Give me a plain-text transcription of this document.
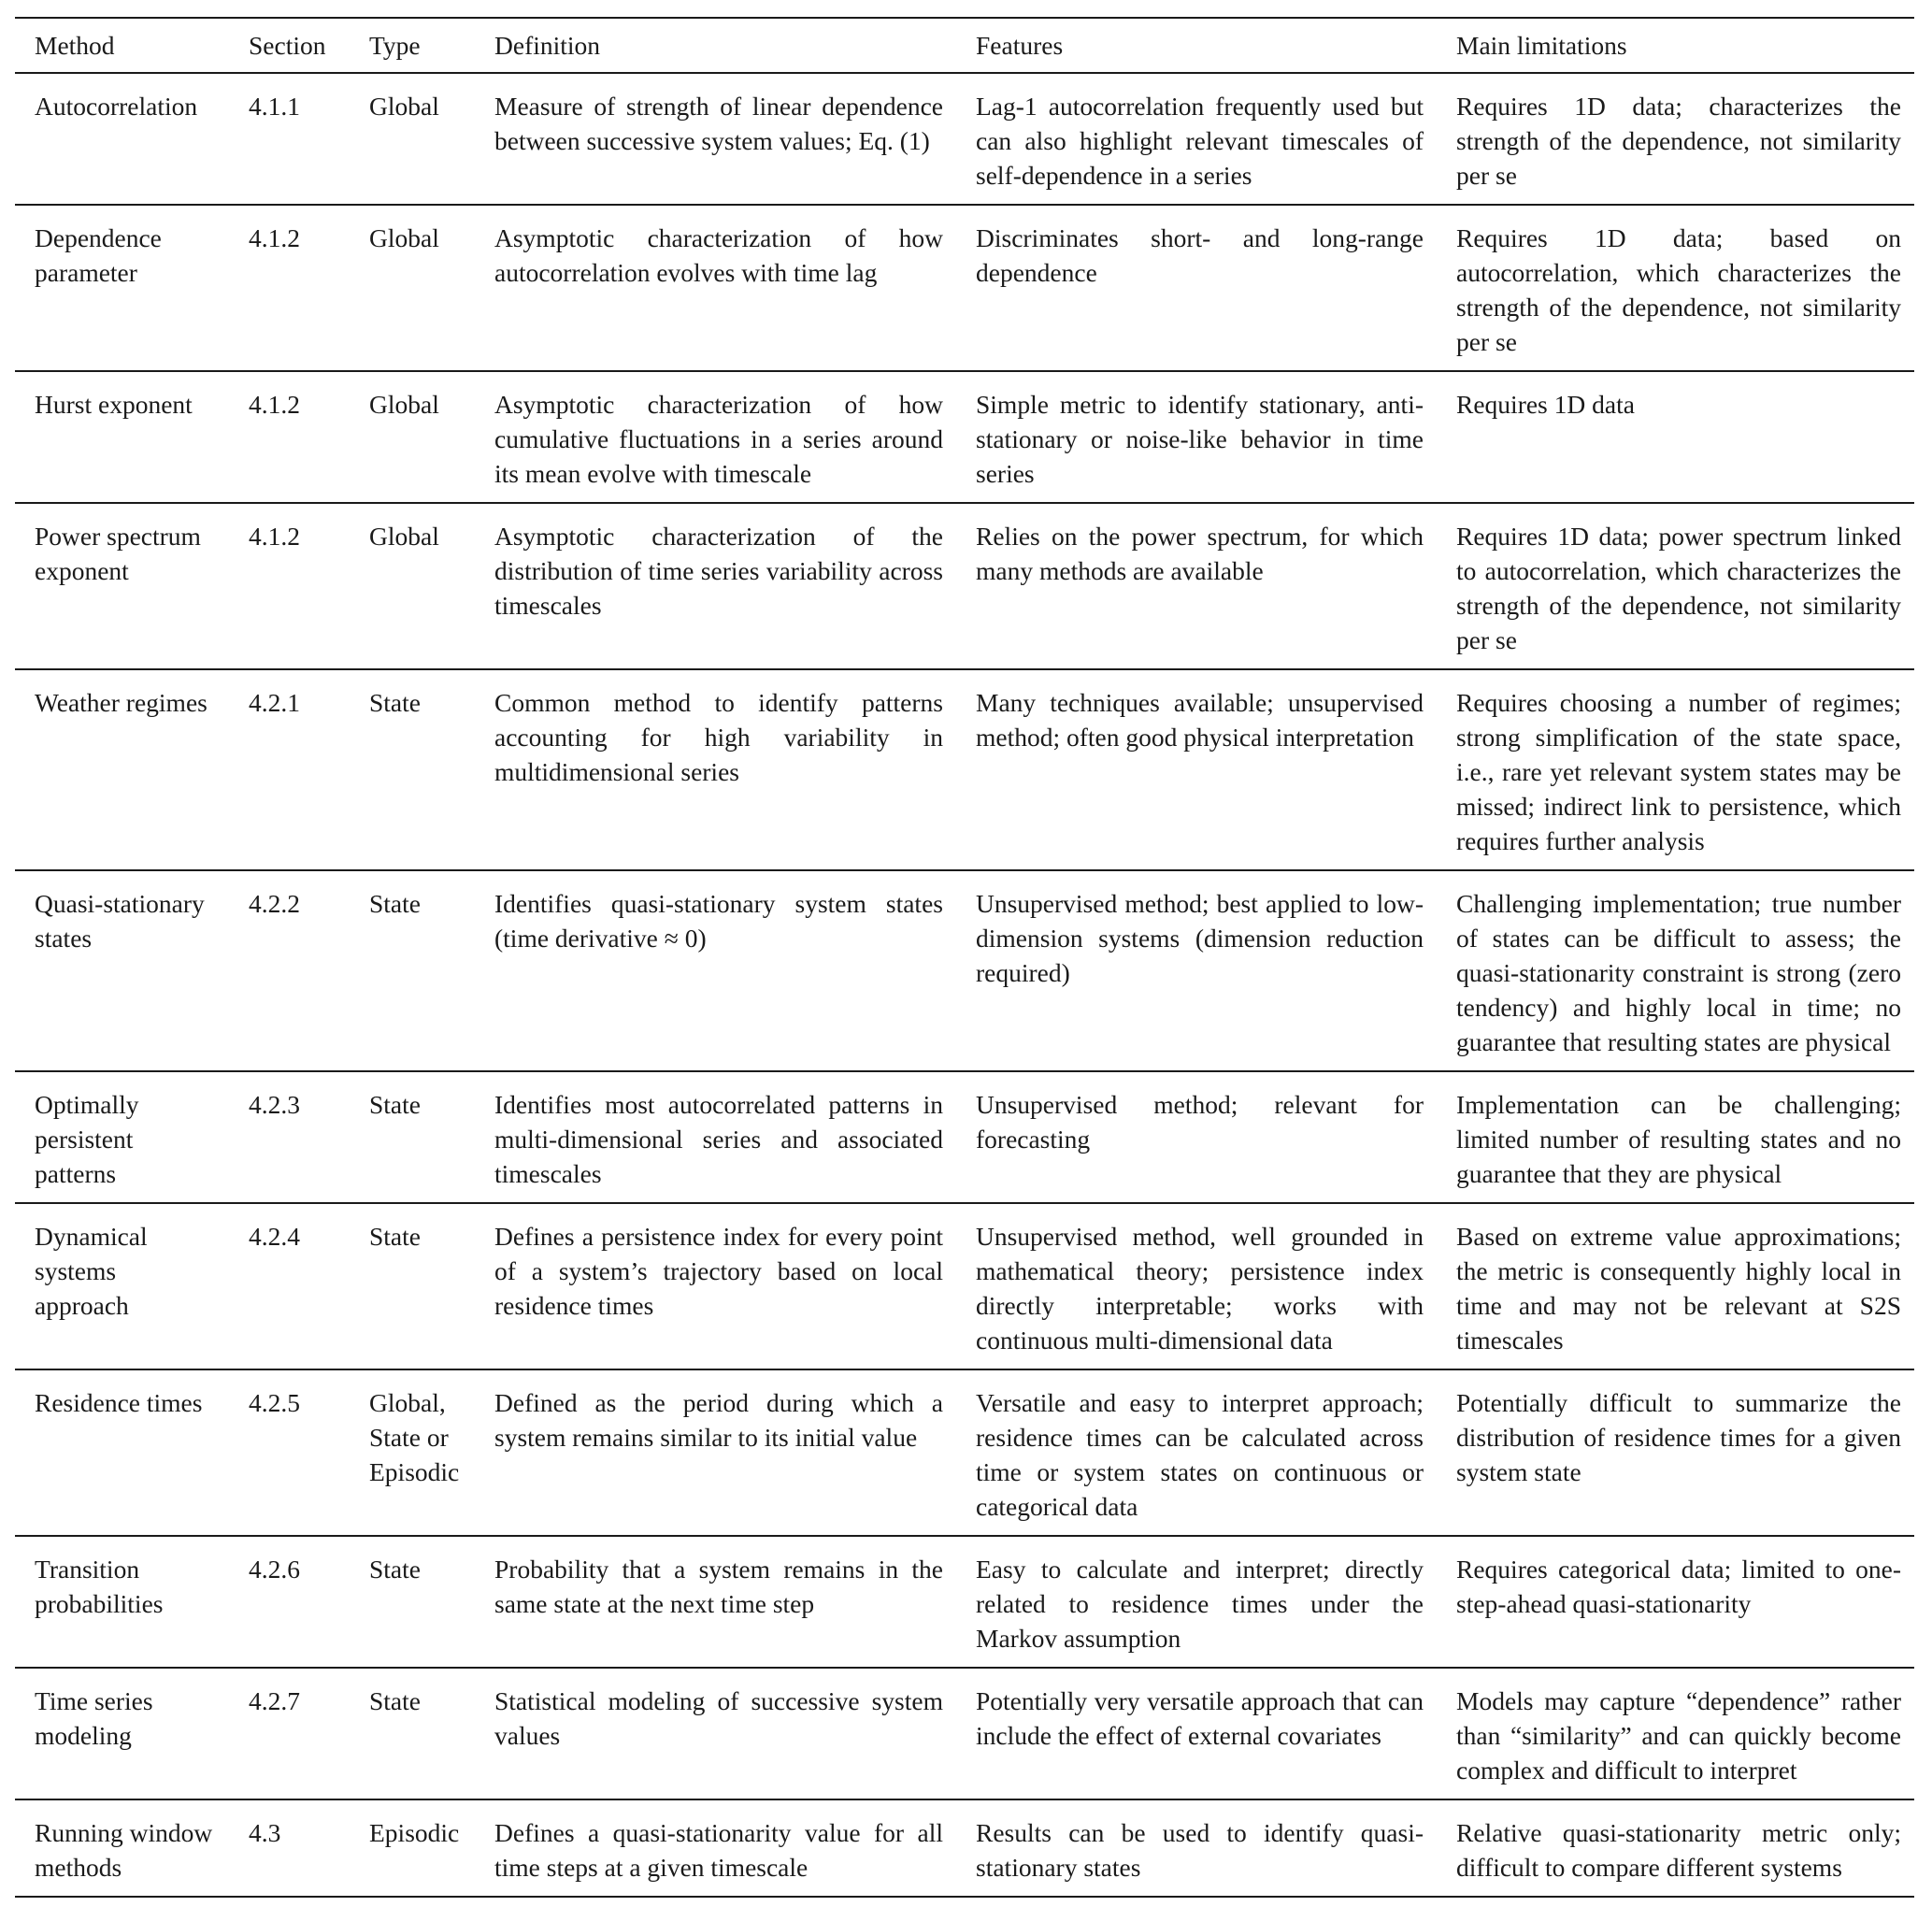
Method	Section	Type	Definition	Features	Main limitations
Autocorrelation	4.1.1	Global	Measure of strength of linear dependence between successive system values; Eq. (1)	Lag-1 autocorrelation frequently used but can also highlight relevant timescales of self-dependence in a series	Requires 1D data; characterizes the strength of the dependence, not similarity per se
Dependence parameter	4.1.2	Global	Asymptotic characterization of how autocorrelation evolves with time lag	Discriminates short- and long-range dependence	Requires 1D data; based on autocorrelation, which characterizes the strength of the dependence, not similarity per se
Hurst exponent	4.1.2	Global	Asymptotic characterization of how cumulative fluctuations in a series around its mean evolve with timescale	Simple metric to identify stationary, anti-stationary or noise-like behavior in time series	Requires 1D data
Power spectrum exponent	4.1.2	Global	Asymptotic characterization of the distribution of time series variability across timescales	Relies on the power spectrum, for which many methods are available	Requires 1D data; power spectrum linked to autocorrelation, which characterizes the strength of the dependence, not similarity per se
Weather regimes	4.2.1	State	Common method to identify patterns accounting for high variability in multidimensional series	Many techniques available; unsupervised method; often good physical interpretation	Requires choosing a number of regimes; strong simplification of the state space, i.e., rare yet relevant system states may be missed; indirect link to persistence, which requires further analysis
Quasi-stationary states	4.2.2	State	Identifies quasi-stationary system states (time derivative ≈ 0)	Unsupervised method; best applied to low-dimension systems (dimension reduction required)	Challenging implementation; true number of states can be difficult to assess; the quasi-stationarity constraint is strong (zero tendency) and highly local in time; no guarantee that resulting states are physical
Optimally persistent patterns	4.2.3	State	Identifies most autocorrelated patterns in multi-dimensional series and associated timescales	Unsupervised method; relevant for forecasting	Implementation can be challenging; limited number of resulting states and no guarantee that they are physical
Dynamical systems approach	4.2.4	State	Defines a persistence index for every point of a system’s trajectory based on local residence times	Unsupervised method, well grounded in mathematical theory; persistence index directly interpretable; works with continuous multi-dimensional data	Based on extreme value approximations; the metric is consequently highly local in time and may not be relevant at S2S timescales
Residence times	4.2.5	Global, State or Episodic	Defined as the period during which a system remains similar to its initial value	Versatile and easy to interpret approach; residence times can be calculated across time or system states on continuous or categorical data	Potentially difficult to summarize the distribution of residence times for a given system state
Transition probabilities	4.2.6	State	Probability that a system remains in the same state at the next time step	Easy to calculate and interpret; directly related to residence times under the Markov assumption	Requires categorical data; limited to one-step-ahead quasi-stationarity
Time series modeling	4.2.7	State	Statistical modeling of successive system values	Potentially very versatile approach that can include the effect of external covariates	Models may capture “dependence” rather than “similarity” and can quickly become complex and difficult to interpret
Running window methods	4.3	Episodic	Defines a quasi-stationarity value for all time steps at a given timescale	Results can be used to identify quasi-stationary states	Relative quasi-stationarity metric only; difficult to compare different systems
